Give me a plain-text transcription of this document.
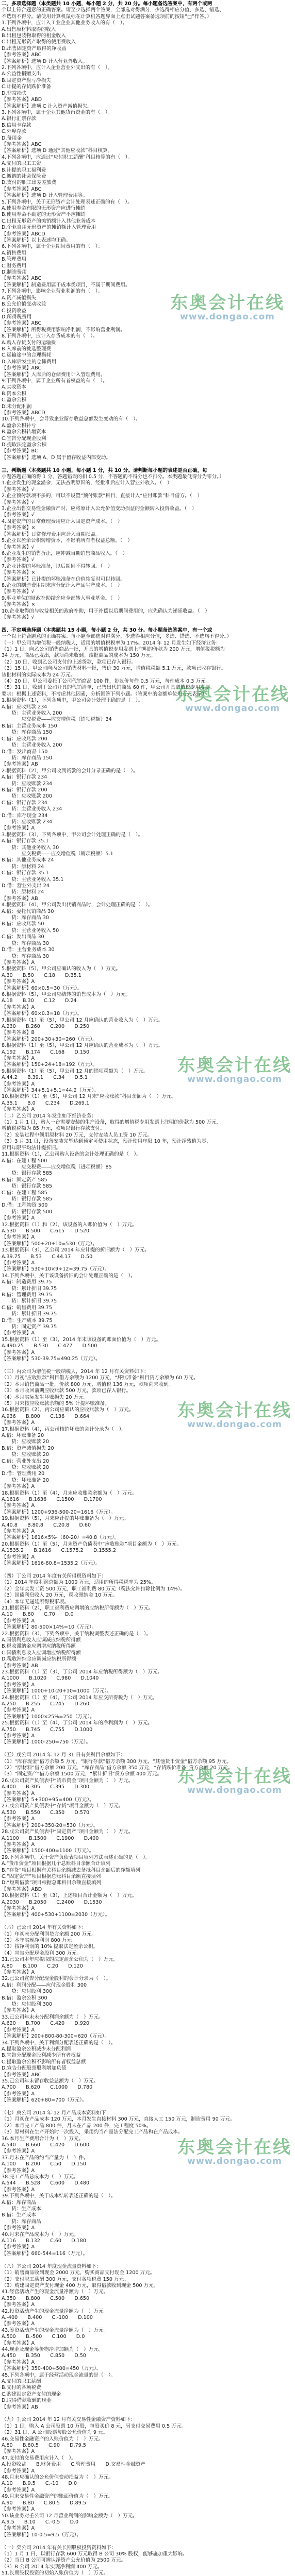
二、多项选择题（本类题共 10 小题，每小题 2 分，共 20 分。每小题备选答案中，有两个或两
个以上符合题意的正确答案。请至少选择两个答案，全部选对得满分，少选得相应分值，多选、错选、
不选均不得分。请使用计算机鼠标在计算机答题界面上点击试题答案备选项前的按钮“□”作答。）
1.下列各项中，应计入工业企业其他业务收入的有（　）。
A.出售原材料取得的收入
B.出租包装物取得的租金收入
C.出租无形资产取得的使用费收入
D.出售固定资产取得的净收益
【参考答案】ABC
【答案解析】选项 D 计入营业外收入。
2.下列各项中，应计入企业营业外支出的有（　）。
A.公益性捐赠支出
B.固定资产盘亏净损失
C.计提的存货跌价准备
D.非常损失
【参考答案】ABD
【答案解析】选项 C 计入资产减值损失。
3.下列各项中，属于企业其他货币资金的有（　）。
A.银行汇票存款
B.信用卡存款
C.外埠存款
D.备用金
【参考答案】ABC
【答案解析】选项 D 通过“其他应收款”科目核算。
4.下列各项中，应通过“应付职工薪酬”科目核算的有（　）。
A.支付的职工工资
B.计提的职工福利费
C.缴纳的社会保险费
D.支付的职工出差差旅费
【参考答案】ABC
【答案解析】选项 D 计入管理费用等。
5.下列各项中，关于无形资产会计处理表述正确的有（　）。
A.使用寿命有限的无形资产应进行摊销
B.使用寿命不确定的无形资产不应摊销
C.出租无形资产的摊销额计入其他业务成本
D.企业自用无形资产的摊销额计入管理费用
【参考答案】ABCD
【答案解析】以上表述均正确。
6.下列各项中，属于企业期间费用的有（　）。
A.销售费用
B.管理费用
C.财务费用
D.制造费用
【参考答案】ABC
【答案解析】制造费用属于成本类项目，不属于期间费用。
7.下列各项中，影响企业营业利润的有（　）。
A.资产减值损失
B.公允价值变动收益
C.投资收益
D.所得税费用
【参考答案】ABC
【答案解析】所得税费用影响净利润，不影响营业利润。
8.下列各项中，应计入存货成本的有（　）。
A.购入存货支付的运输费
B.入库前的挑选整理费
C.运输途中的合理损耗
D.入库后发生的仓储费用
【参考答案】ABC
【答案解析】入库后的仓储费用计入管理费用。
9.下列各项中，属于企业所有者权益的有（　）。
A.实收资本
B.资本公积
C.盈余公积
D.未分配利润
【参考答案】ABCD
10.下列各项中，会导致企业留存收益总额发生变动的有（　）。
A.盈余公积补亏
B.盈余公积转增资本
C.宣告分配现金股利
D.提取法定盈余公积
【参考答案】BC
【答案解析】选项 A、D 属于留存收益内部变动。
三、判断题（本类题共 10 小题，每小题 1 分，共 10 分。请判断每小题的表述是否正确，每
小题答题正确的得 1 分，答题错误的扣 0.5 分，不答题的不得分也不扣分。本类题最低得分为零分。）
1.企业发生的现金溢余，无法查明原因的，经批准后应计入营业外收入。（　）
【参考答案】√
2.企业预付款项不多的，可以不设置“预付账款”科目，直接计入“应付账款”科目借方。（　）
【参考答案】√
3.企业出售交易性金融资产时，应将原计入公允价值变动损益的金额转入投资收益。（　）
【参考答案】√
4.固定资产的日常修理费用应计入固定资产成本。（　）
【参考答案】×
【答案解析】日常修理费用应计入当期损益。
5.企业以盈余公积转增资本，不影响所有者权益总额。（　）
【参考答案】√
6.企业发生的销售折让，应冲减当期销售商品收入。（　）
【参考答案】√
7.企业计提的坏账准备，以后期间不得转回。（　）
【参考答案】×
【答案解析】已计提的坏账准备在价值恢复时可以转回。
8.企业的制造费用期末应分配计入产品生产成本。（　）
【参考答案】√
9.事业单位的财政补助结余应全部转入事业基金。（　）
【参考答案】×
10.企业取得的与收益相关的政府补助，用于补偿以后期间费用的，应先确认为递延收益。（　）
【参考答案】√
四、不定项选择题（本类题共 15 小题，每小题 2 分，共 30 分。每小题备选答案中，有一个或
一个以上符合题意的正确答案。每小题全部选对得满分，少选得相应分值，多选、错选、不选均不得分。）
（一）甲公司为增值税一般纳税人，适用的增值税税率为 17%。2014 年 12 月发生如下经济业务：
（1）1 日，向乙公司销售商品一批，开具的增值税专用发票上注明的价款为 200 万元，增值税税额为
34 万元，商品已发出，款项尚未收到。该批商品的成本为 150 万元。
（2）10 日，收到乙公司支付的上述货款，款项已存入银行。
（3）15 日，甲公司向丙公司销售材料一批，售价 30 万元，增值税税额 5.1 万元，款项已收存银行。
该批材料的实际成本为 24 万元。
（4）20 日，甲公司委托丁公司代销商品 100 件，协议价每件 0.5 万元，每件成本 0.3 万元。
（5）31 日，收到丁公司开具的代销清单，已售出代销商品 60 件，甲公司开具增值税专用发票。
要求：根据上述资料，不考虑其他因素，分析回答下列小题。（答案中的金额单位用万元表示）
1.根据资料（1），下列各项中，甲公司会计处理正确的是（　）。
A.借：应收账款 234
　　贷：主营业务收入 200
　　　　应交税费——应交增值税（销项税额）34
B.借：主营业务成本 150
　　贷：库存商品 150
C.借：应收账款 200
　　贷：主营业务收入 200
D.借：发出商品 150
　　贷：库存商品 150
【参考答案】AB
2.根据资料（2），甲公司收到货款的会计分录正确的是（　）。
A.借：银行存款 234
　　贷：应收账款 234
B.借：银行存款 200
　　贷：应收账款 200
C.借：银行存款 234
　　贷：主营业务收入 234
D.借：库存现金 234
　　贷：应收账款 234
【参考答案】A
3.根据资料（3），下列各项中，甲公司会计处理正确的是（　）。
A.借：银行存款 35.1
　　贷：其他业务收入 30
　　　　应交税费——应交增值税（销项税额）5.1
B.借：其他业务成本 24
　　贷：原材料 24
C.借：银行存款 35.1
　　贷：主营业务收入 35.1
D.借：营业外支出 24
　　贷：原材料 24
【参考答案】AB
4.根据资料（4），甲公司发出代销商品时，会计处理正确的是（　）。
A.借：委托代销商品 30
　　贷：库存商品 30
B.借：应收账款 50
　　贷：主营业务收入 50
C.借：发出商品 30
　　贷：库存商品 30
D.借：主营业务成本 30
　　贷：库存商品 30
【参考答案】A
5.根据资料（5），甲公司应确认的收入为（　）万元。
A.30　　B.50　　C.18　　D.35.1
【参考答案】A
【答案解析】60×0.5=30（万元）。
6.根据资料（5），甲公司应结转的销售成本为（　）万元。
A.18　　B.30　　C.12　　D.24
【参考答案】A
【答案解析】60×0.3=18（万元）。
7.根据资料（1）至（5），甲公司 12 月应确认的营业收入为（　）万元。
A.230　　B.260　　C.200　　D.250
【参考答案】B
【答案解析】200+30+30=260（万元）。
8.根据资料（1）至（5），甲公司 12 月应确认的营业成本为（　）万元。
A.192　　B.174　　C.168　　D.150
【参考答案】A
【答案解析】150+24+18=192（万元）。
9.根据资料（1）至（5），甲公司 12 月的销项税额为（　）万元。
A.44.2　　B.39.1　　C.34　　D.5.1
【参考答案】A
【答案解析】34+5.1+5.1=44.2（万元）。
10.根据资料（1）至（5），甲公司 12 月末“应收账款”科目余额为（　）万元。
A.35.1　　B.0　　C.234　　D.269.1
【参考答案】A
（二）乙公司 2014 年发生如下经济业务：
（1）1 月 1 日，购入一台需要安装的生产设备，取得的增值税专用发票上注明的价款为 500 万元，
增值税税额为 85 万元，款项以银行存款支付。
（2）安装过程中领用原材料 20 万元，支付安装人员工资 10 万元。
（3）3 月 31 日，设备安装完毕达到预定可使用状态，预计使用年限 10 年，预计净残值为零，
采用年限平均法计提折旧。
11.根据资料（1），乙公司购入设备的会计处理正确的是（　）。
A.借：在建工程 500
　　　　应交税费——应交增值税（进项税额）85
　　贷：银行存款 585
B.借：固定资产 585
　　贷：银行存款 585
C.借：在建工程 585
　　贷：银行存款 585
D.借：工程物资 500
　　贷：银行存款 500
【参考答案】A
12.根据资料（1）和（2），该设备的入账价值为（　）万元。
A.530　　B.500　　C.615　　D.520
【参考答案】A
【答案解析】500+20+10=530（万元）。
13.根据资料（3），乙公司 2014 年应计提的折旧额为（　）万元。
A.39.75　　B.53　　C.44.17　　D.50
【参考答案】A
【答案解析】530÷10×9÷12=39.75（万元）。
14.下列各项中，关于该设备折旧的会计处理正确的是（　）。
A.借：制造费用 39.75
　　贷：累计折旧 39.75
B.借：管理费用 39.75
　　贷：累计折旧 39.75
C.借：销售费用 39.75
　　贷：累计折旧 39.75
D.借：生产成本 39.75
　　贷：固定资产 39.75
【参考答案】A
15.根据资料（1）至（3），2014 年末该设备的账面价值为（　）万元。
A.490.25　　B.530　　C.477　　D.500
【参考答案】A
【答案解析】530-39.75=490.25（万元）。
（三）丙公司为增值税一般纳税人，2014 年 12 月有关资料如下：
（1）月初“应收账款”科目借方余额为 1200 万元，“坏账准备”科目贷方余额为 60 万元。
（2）本月销售商品一批，价款 800 万元，增值税 136 万元，款项尚未收到。
（3）本月收回前期应收账款 500 万元，款项已存入银行。
（4）本月实际发生坏账损失 20 万元。
（5）月末按应收账款余额的 5% 计提坏账准备。
16.根据资料（2），丙公司应确认的应收账款为（　）万元。
A.936　　B.800　　C.136　　D.664
【参考答案】A
17.根据资料（4），丙公司核销坏账的会计分录为（　）。
A.借：坏账准备 20
　　贷：应收账款 20
B.借：资产减值损失 20
　　贷：应收账款 20
C.借：营业外支出 20
　　贷：应收账款 20
D.借：管理费用 20
　　贷：坏账准备 20
【参考答案】A
18.根据资料（1）至（4），月末应收账款余额为（　）万元。
A.1616　　B.1636　　C.1500　　D.1700
【参考答案】A
【答案解析】1200+936-500-20=1616（万元）。
19.根据资料（5），月末应计提的坏账准备为（　）万元。
A.40.8　　B.80.8　　C.20.8　　D.60
【参考答案】A
【答案解析】1616×5%-（60-20）=40.8（万元）。
20.根据资料（1）至（5），月末资产负债表中“应收账款”项目金额为（　）万元。
A.1535.2　　B.1616　　C.1575.2　　D.1555.2
【参考答案】A
【答案解析】1616-80.8=1535.2（万元）。
（四）丁公司 2014 年度有关所得税资料如下：
（1）2014 年度利润总额为 1000 万元，适用的所得税税率为 25%。
（2）全年实发工资 500 万元，职工福利费 80 万元（税法允许扣除比例为 14%）。
（3）国债利息收入 20 万元，税收滞纳金 10 万元。
（4）本年无递延所得税事项。
21.根据资料（2），职工福利费应调增的应纳税所得额为（　）万元。
A.10　　B.80　　C.70　　D.0
【参考答案】A
【答案解析】80-500×14%=10（万元）。
22.根据资料（3），下列各项中，关于纳税调整表述正确的是（　）。
A.国债利息收入应调减应纳税所得额
B.税收滞纳金应调增应纳税所得额
C.国债利息收入应调增应纳税所得额
D.税收滞纳金应调减应纳税所得额
【参考答案】AB
23.根据资料（1）至（3），丁公司 2014 年应纳税所得额为（　）万元。
A.1000　　B.1020　　C.980　　D.1040
【参考答案】A
【答案解析】1000+10-20+10=1000（万元）。
24.根据资料（1）至（4），丁公司 2014 年应交所得税为（　）万元。
A.250　　B.255　　C.245　　D.260
【参考答案】A
【答案解析】1000×25%=250（万元）。
25.根据资料（1）至（4），丁公司 2014 年的净利润为（　）万元。
A.750　　B.745　　C.755　　D.1000
【参考答案】A
【答案解析】1000-250=750（万元）。
（五）戊公司 2014 年 12 月 31 日有关科目余额如下：
（1）“库存现金”借方余额 5 万元，“银行存款”借方余额 300 万元，“其他货币资金”借方余额 95 万元。
（2）“原材料”借方余额 200 万元，“库存商品”借方余额 350 万元，“存货跌价准备”贷方余额 20 万元。
（3）“固定资产”借方余额 1500 万元，“累计折旧”贷方余额 400 万元。
26.戊公司资产负债表中“货币资金”项目金额为（　）万元。
A.400　　B.305　　C.395　　D.300
【参考答案】A
【答案解析】5+300+95=400（万元）。
27.戊公司资产负债表中“存货”项目金额为（　）万元。
A.530　　B.550　　C.350　　D.570
【参考答案】A
【答案解析】200+350-20=530（万元）。
28.戊公司资产负债表中“固定资产”项目金额为（　）万元。
A.1100　　B.1500　　C.1900　　D.400
【参考答案】A
【答案解析】1500-400=1100（万元）。
29.下列各项中，关于资产负债表项目填列方法表述正确的是（　）。
A.“货币资金”项目根据几个总账科目余额合计填列
B.“存货”项目根据有关科目余额减去备抵科目余额后的净额填列
C.“固定资产”项目根据总账科目余额直接填列
D.“短期借款”项目根据总账科目余额直接填列
【参考答案】ABD
30.根据资料（1）至（3），上述项目合计金额为（　）万元。
A.2030　　B.2050　　C.2400　　D.1530
【参考答案】A
【答案解析】400+530+1100=2030（万元）。
（六）己公司 2014 年有关资料如下：
（1）年初未分配利润贷方余额 200 万元。
（2）本年实现净利润 800 万元。
（3）按净利润的 10% 提取法定盈余公积。
（4）宣告分配现金股利 300 万元。
31.己公司本年应提取的法定盈余公积为（　）万元。
A.80　　B.100　　C.20　　D.120
【参考答案】A
32.己公司宣告分配现金股利的会计分录为（　）。
A.借：利润分配——应付现金股利 300
　　贷：应付股利 300
B.借：盈余公积 300
　　贷：应付股利 300
【参考答案】A
33.己公司年末未分配利润余额为（　）万元。
A.620　　B.700　　C.420　　D.920
【参考答案】A
【答案解析】200+800-80-300=620（万元）。
34.下列各项中，关于利润分配表述正确的是（　）。
A.提取盈余公积减少未分配利润
B.宣告分配现金股利减少所有者权益
C.提取盈余公积不影响所有者权益总额
D.宣告分配股票股利增加负债
【参考答案】ABC
35.己公司年末留存收益总额为（　）万元。
A.700　　B.620　　C.1000　　D.780
【参考答案】A
【答案解析】620+80=700（万元）。
（七）庚公司 2014 年 12 月产品成本资料如下：
（1）月初在产品成本 120 万元，本月发生直接材料 300 万元，直接人工 150 万元，制造费用 90 万元。
（2）本月完工产品 800 件，月末在产品 200 件，完工程度 50%。
（3）原材料在生产开始时一次投入，采用约当产量法分配完工产品和在产品成本。
36.本月生产费用合计为（　）万元。
A.540　　B.660　　C.420　　D.600
【参考答案】A
37.月末在产品的约当产量为（　）件。
A.100　　B.200　　C.50　　D.150
【参考答案】A
38.完工产品总成本为（　）万元。
A.544　　B.528　　C.600　　D.480
【参考答案】A
39.下列各项中，关于成本结转表述正确的是（　）。
A.借：库存商品
　　贷：生产成本
B.借：生产成本
　　贷：库存商品
【参考答案】A
40.月末在产品成本为（　）万元。
A.116　　B.132　　C.60　　D.180
【参考答案】A
【答案解析】660-544=116（万元）。
（八）辛公司 2014 年度现金流量资料如下：
（1）销售商品收到现金 2000 万元，购买商品支付现金 1200 万元。
（2）支付职工薪酬 300 万元，支付各项税费 150 万元。
（3）购建固定资产支付现金 400 万元，取得借款收到现金 500 万元。
41.经营活动产生的现金流量净额为（　）万元。
A.350　　B.800　　C.500　　D.650
【参考答案】A
42.投资活动产生的现金流量净额为（　）万元。
A.-400　　B.400　　C.-100　　D.100
【参考答案】A
43.筹资活动产生的现金流量净额为（　）万元。
A.500　　B.-500　　C.100　　D.0
【参考答案】A
44.现金及现金等价物净增加额为（　）万元。
A.450　　B.350　　C.850　　D.50
【参考答案】A
【答案解析】350-400+500=450（万元）。
45.下列各项中，属于经营活动现金流量的是（　）。
A.支付的职工薪酬
B.支付的各项税费
C.购建固定资产支付的现金
D.取得借款收到的现金
【参考答案】AB
（九）壬公司 2014 年 12 月有关交易性金融资产资料如下：
（1）1 日，购入 A 公司股票 10 万股，每股买价 8 元，另支付交易费用 0.5 万元。
（2）31 日，A 公司股票每股公允价值为 9 元。
46.交易性金融资产的入账价值为（　）万元。
A.80　　B.80.5　　C.90　　D.79.5
【参考答案】A
47.支付的交易费用应计入（　）。
A.投资收益　　B.财务费用　　C.管理费用　　D.交易性金融资产
【参考答案】A
48.月末应确认的公允价值变动损益为（　）万元。
A.10　　B.9.5　　C.-10　　D.0
【参考答案】A
49.月末交易性金融资产的账面价值为（　）万元。
A.90　　B.80　　C.80.5　　D.89.5
【参考答案】A
50.该业务对壬公司 12 月营业利润的影响金额为（　）万元。
A.9.5　　B.10　　C.-0.5　　D.0
【参考答案】A
【答案解析】10-0.5=9.5（万元）。
（十）癸公司 2014 年有关长期股权投资资料如下：
（1）1 月 1 日，以银行存款 600 万元取得 B 公司 30% 股权，能够施加重大影响。
（2）当日 B 公司可辨认净资产公允价值为 2500 万元。
（3）B 公司 2014 年实现净利润 400 万元。
51.长期股权投资的初始入账价值为（　）万元。
东奥会计在线
www.dongao.com
东奥会计在线
www.dongao.com
东奥会计在线
www.dongao.com
东奥会计在线
www.dongao.com
东奥会计在线
www.dongao.com
东奥会计在线
www.dongao.com
